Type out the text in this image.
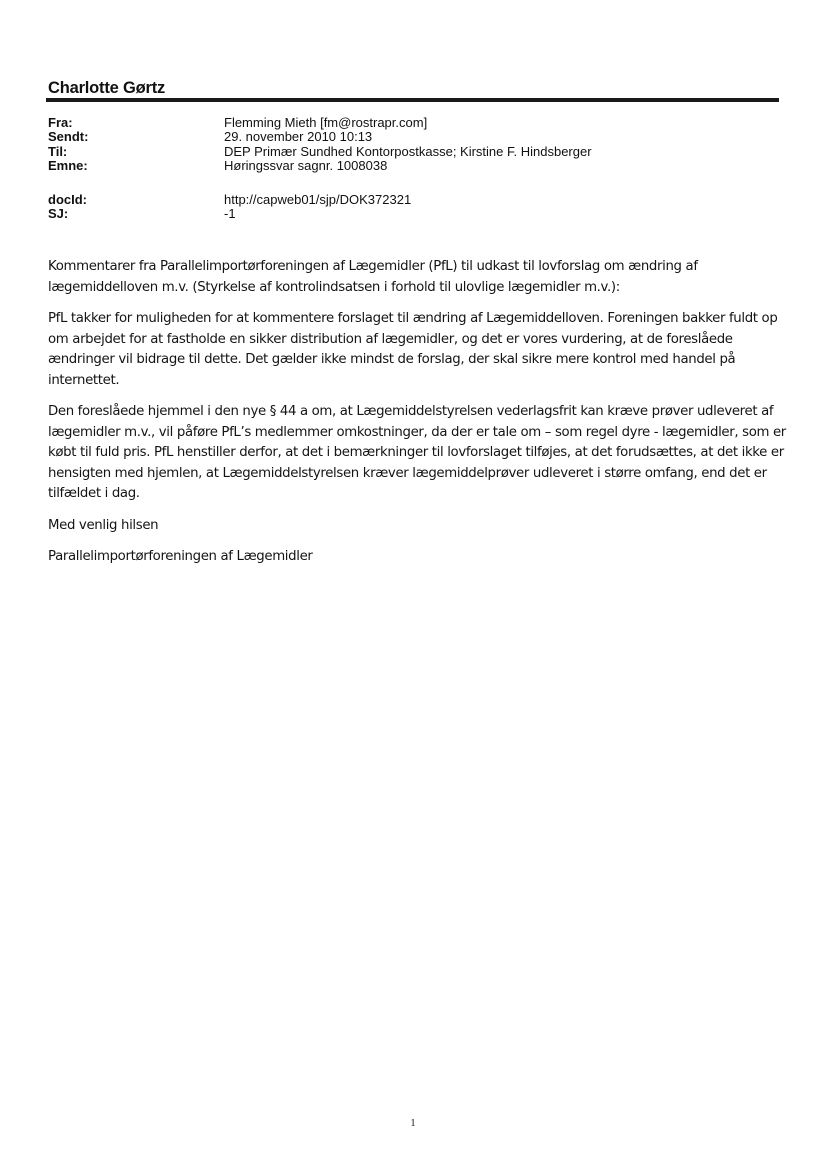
Charlotte Gørtz
Fra:	Flemming Mieth [fm@rostrapr.com]
Sendt:	29. november 2010 10:13
Til:	DEP Primær Sundhed Kontorpostkasse; Kirstine F. Hindsberger
Emne:	Høringssvar sagnr. 1008038
docId:	http://capweb01/sjp/DOK372321
SJ:	-1

Kommentarer fra Parallelimportørforeningen af Lægemidler (PfL) til udkast til lovforslag om ændring af lægemiddelloven m.v. (Styrkelse af kontrolindsatsen i forhold til ulovlige lægemidler m.v.):

PfL takker for muligheden for at kommentere forslaget til ændring af Lægemiddelloven. Foreningen bakker fuldt op om arbejdet for at fastholde en sikker distribution af lægemidler, og det er vores vurdering, at de foreslåede ændringer vil bidrage til dette. Det gælder ikke mindst de forslag, der skal sikre mere kontrol med handel på internettet.

Den foreslåede hjemmel i den nye § 44 a om, at Lægemiddelstyrelsen vederlagsfrit kan kræve prøver udleveret af lægemidler m.v., vil påføre PfL’s medlemmer omkostninger, da der er tale om – som regel dyre - lægemidler, som er købt til fuld pris. PfL henstiller derfor, at det i bemærkninger til lovforslaget tilføjes, at det forudsættes, at det ikke er hensigten med hjemlen, at Lægemiddelstyrelsen kræver lægemiddelprøver udleveret i større omfang, end det er tilfældet i dag.

Med venlig hilsen

Parallelimportørforeningen af Lægemidler

1
